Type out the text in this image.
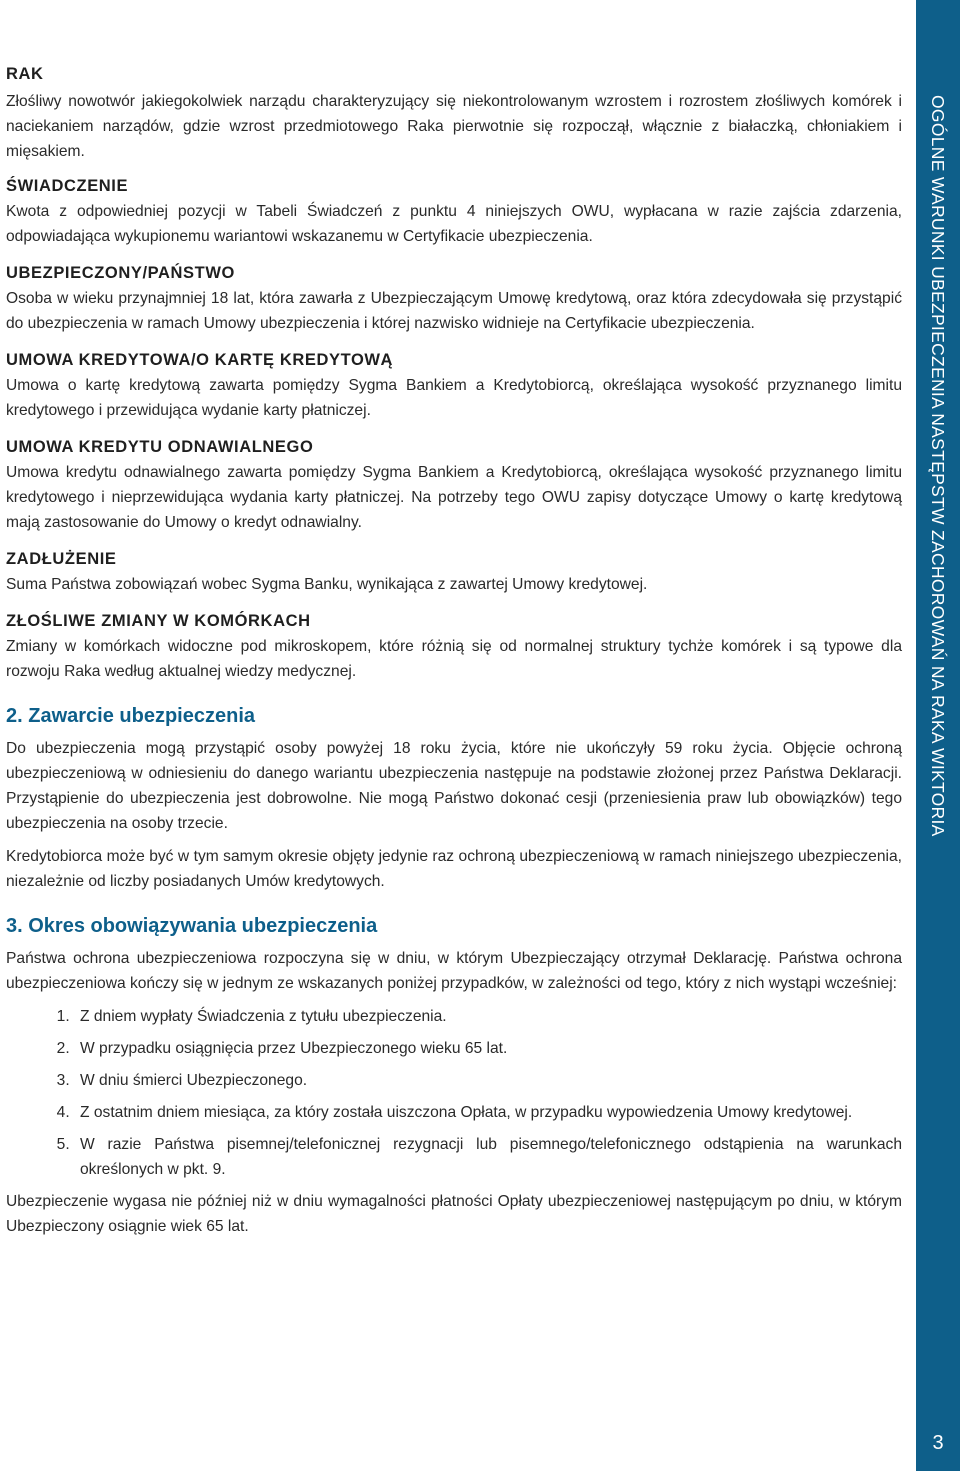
RAK

Złośliwy nowotwór jakiegokolwiek narządu charakteryzujący się niekontrolowanym wzrostem i rozrostem złośliwych komórek i naciekaniem narządów, gdzie wzrost przedmiotowego Raka pierwotnie się rozpoczął, włącznie z białaczką, chłoniakiem i mięsakiem.

ŚWIADCZENIE

Kwota z odpowiedniej pozycji w Tabeli Świadczeń z punktu 4 niniejszych OWU, wypłacana w razie zajścia zdarzenia, odpowiadająca wykupionemu wariantowi wskazanemu w Certyfikacie ubezpieczenia.

UBEZPIECZONY/PAŃSTWO

Osoba w wieku przynajmniej 18 lat, która zawarła z Ubezpieczającym Umowę kredytową, oraz która zdecydowała się przystąpić do ubezpieczenia w ramach Umowy ubezpieczenia i której nazwisko widnieje na Certyfikacie ubezpieczenia.

UMOWA KREDYTOWA/O KARTĘ KREDYTOWĄ

Umowa o kartę kredytową zawarta pomiędzy Sygma Bankiem a Kredytobiorcą, określająca wysokość przyznanego limitu kredytowego i przewidująca wydanie karty płatniczej.

UMOWA KREDYTU ODNAWIALNEGO

Umowa kredytu odnawialnego zawarta pomiędzy Sygma Bankiem a Kredytobiorcą, określająca wysokość przyznanego limitu kredytowego i nieprzewidująca wydania karty płatniczej. Na potrzeby tego OWU zapisy dotyczące Umowy o kartę kredytową mają zastosowanie do Umowy o kredyt odnawialny.

ZADŁUŻENIE

Suma Państwa zobowiązań wobec Sygma Banku, wynikająca z zawartej Umowy kredytowej.

ZŁOŚLIWE ZMIANY W KOMÓRKACH

Zmiany w komórkach widoczne pod mikroskopem, które różnią się od normalnej struktury tychże komórek i są typowe dla rozwoju Raka według aktualnej wiedzy medycznej.

2. Zawarcie ubezpieczenia

Do ubezpieczenia mogą przystąpić osoby powyżej 18 roku życia, które nie ukończyły 59 roku życia. Objęcie ochroną ubezpieczeniową w odniesieniu do danego wariantu ubezpieczenia następuje na podstawie złożonej przez Państwa Deklaracji. Przystąpienie do ubezpieczenia jest dobrowolne. Nie mogą Państwo dokonać cesji (przeniesienia praw lub obowiązków) tego ubezpieczenia na osoby trzecie.

Kredytobiorca może być w tym samym okresie objęty jedynie raz ochroną ubezpieczeniową w ramach niniejszego ubezpieczenia, niezależnie od liczby posiadanych Umów kredytowych.

3. Okres obowiązywania ubezpieczenia

Państwa ochrona ubezpieczeniowa rozpoczyna się w dniu, w którym Ubezpieczający otrzymał Deklarację. Państwa ochrona ubezpieczeniowa kończy się w jednym ze wskazanych poniżej przypadków, w zależności od tego, który z nich wystąpi wcześniej:

1. Z dniem wypłaty Świadczenia z tytułu ubezpieczenia.
2. W przypadku osiągnięcia przez Ubezpieczonego wieku 65 lat.
3. W dniu śmierci Ubezpieczonego.
4. Z ostatnim dniem miesiąca, za który została uiszczona Opłata, w przypadku wypowiedzenia Umowy kredytowej.
5. W razie Państwa pisemnej/telefonicznej rezygnacji lub pisemnego/telefonicznego odstąpienia na warunkach określonych w pkt. 9.

Ubezpieczenie wygasa nie później niż w dniu wymagalności płatności Opłaty ubezpieczeniowej następującym po dniu, w którym Ubezpieczony osiągnie wiek 65 lat.

OGÓLNE WARUNKI UBEZPIECZENIA NASTĘPSTW ZACHOROWAŃ NA RAKA WIKTORIA
3
